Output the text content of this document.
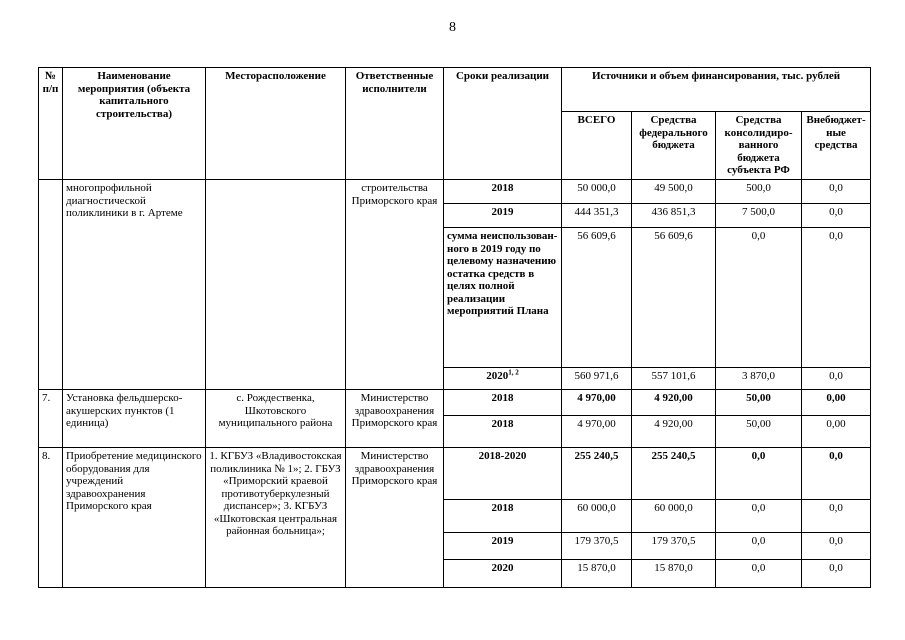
8
№ п/п	Наименование мероприятия (объекта капитального строительства)	Месторасположение	Ответственные исполнители	Сроки реализации	Источники и объем финансирования, тыс. рублей			
					ВСЕГО	Средства федерального бюджета	Средства консолидиро-ванного бюджета субъекта РФ	Внебюджет-ные средства
	многопрофильной диагностической поликлиники в г. Артеме		строительства Приморского края	2018	50 000,0	49 500,0	500,0	0,0
				2019	444 351,3	436 851,3	7 500,0	0,0
				сумма неиспользован-ного в 2019 году по целевому назначению остатка средств в целях полной реализации мероприятий Плана	56 609,6	56 609,6	0,0	0,0
				2020$^{1, 2}$	560 971,6	557 101,6	3 870,0	0,0
7.	Установка фельдшерско-акушерских пунктов (1 единица)	с. Рождественка, Шкотовского муниципального района	Министерство здравоохранения Приморского края	2018	4 970,00	4 920,00	50,00	0,00
				2018	4 970,00	4 920,00	50,00	0,00
8.	Приобретение медицинского оборудования для учреждений здравоохранения Приморского края	1. КГБУЗ «Владивостокская поликлиника № 1»; 2. ГБУЗ «Приморский краевой противотуберкулезный диспансер»; 3. КГБУЗ «Шкотовская центральная районная больница»;	Министерство здравоохранения Приморского края	2018-2020	255 240,5	255 240,5	0,0	0,0
				2018	60 000,0	60 000,0	0,0	0,0
				2019	179 370,5	179 370,5	0,0	0,0
				2020	15 870,0	15 870,0	0,0	0,0
